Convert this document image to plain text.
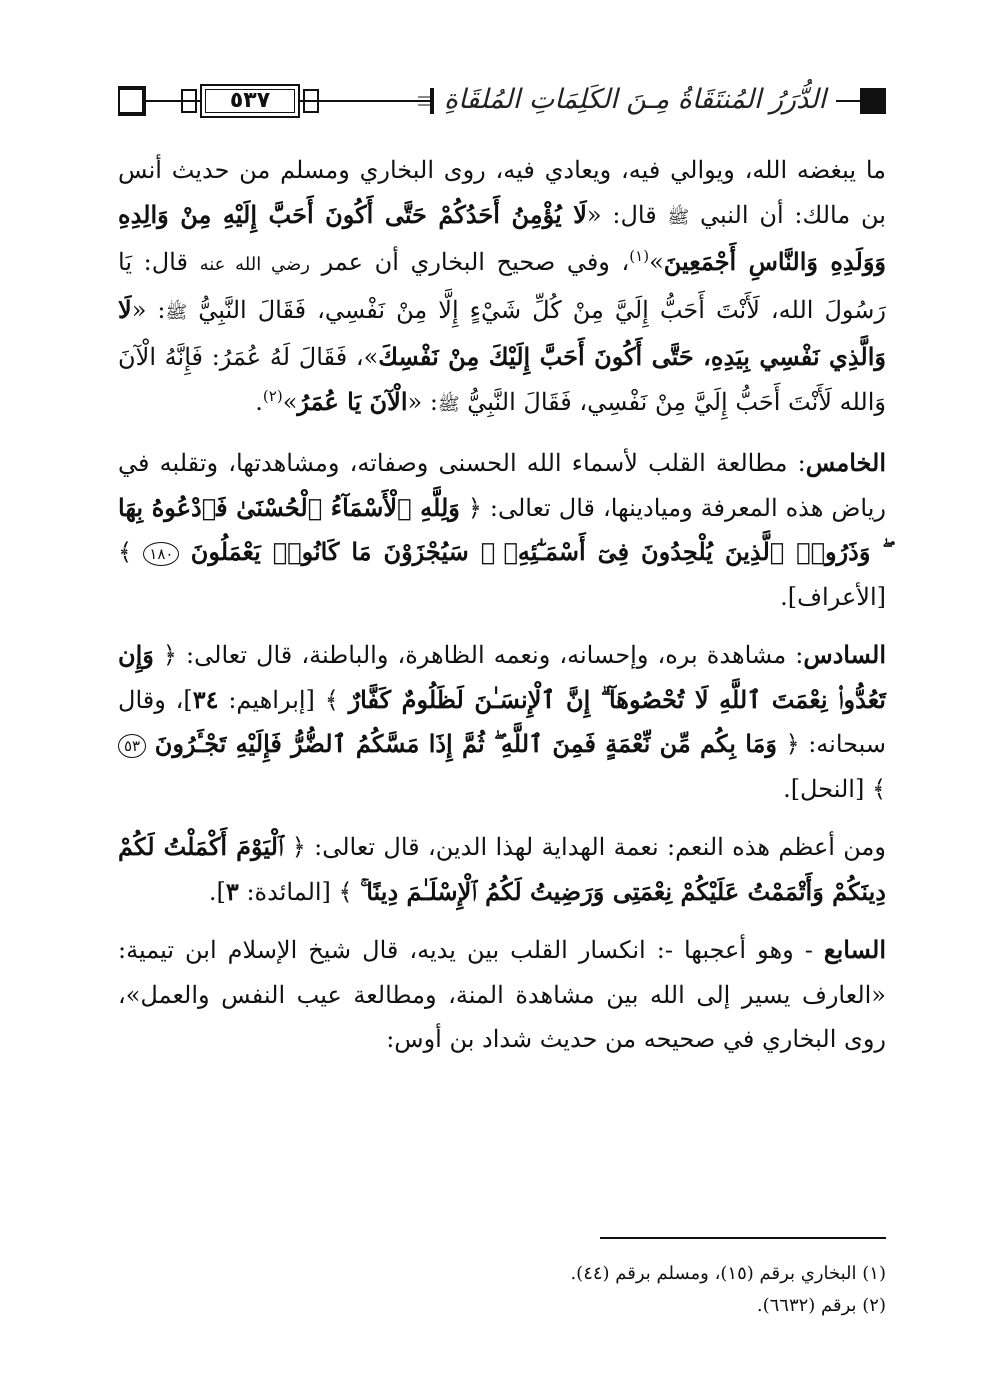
الدُّرَرُ المُنتَقَاةُ مِـنَ الكَلِمَاتِ المُلقَاةِ
٥٣٧

ما يبغضه الله، ويوالي فيه، ويعادي فيه، روى البخاري ومسلم من حديث أنس بن مالك: أن النبي ﷺ قال: «لَا يُؤْمِنُ أَحَدُكُمْ حَتَّى أَكُونَ أَحَبَّ إِلَيْهِ مِنْ وَالِدِهِ وَوَلَدِهِ وَالنَّاسِ أَجْمَعِينَ»$^{(١)}$، وفي صحيح البخاري أن عمر رضي الله عنه قال: يَا رَسُولَ الله، لَأَنْتَ أَحَبُّ إِلَيَّ مِنْ كُلِّ شَيْءٍ إِلَّا مِنْ نَفْسِي، فَقَالَ النَّبِيُّ ﷺ: «لَا وَالَّذِي نَفْسِي بِيَدِهِ، حَتَّى أَكُونَ أَحَبَّ إِلَيْكَ مِنْ نَفْسِكَ»، فَقَالَ لَهُ عُمَرُ: فَإِنَّهُ الْآنَ وَالله لَأَنْتَ أَحَبُّ إِلَيَّ مِنْ نَفْسِي، فَقَالَ النَّبِيُّ ﷺ: «الْآنَ يَا عُمَرُ»$^{(٢)}$.

الخامس: مطالعة القلب لأسماء الله الحسنى وصفاته، ومشاهدتها، وتقلبه في رياض هذه المعرفة وميادينها، قال تعالى: ﴿ وَلِلَّهِ ٱلْأَسْمَآءُ ٱلْحُسْنَىٰ فَٱدْعُوهُ بِهَا ۖ وَذَرُوا۟ ٱلَّذِينَ يُلْحِدُونَ فِىٓ أَسْمَـٰٓئِهِۦ ۚ سَيُجْزَوْنَ مَا كَانُوا۟ يَعْمَلُونَ ١٨٠ ﴾ [الأعراف].

السادس: مشاهدة بره، وإحسانه، ونعمه الظاهرة، والباطنة، قال تعالى: ﴿ وَإِن تَعُدُّوا۟ نِعْمَتَ ٱللَّهِ لَا تُحْصُوهَآ ۗ إِنَّ ٱلْإِنسَـٰنَ لَظَلُومٌ كَفَّارٌ ﴾ [إبراهيم: ٣٤]، وقال سبحانه: ﴿ وَمَا بِكُم مِّن نِّعْمَةٍ فَمِنَ ٱللَّهِ ۖ ثُمَّ إِذَا مَسَّكُمُ ٱلضُّرُّ فَإِلَيْهِ تَجْـَٔرُونَ ٥٣ ﴾ [النحل].

ومن أعظم هذه النعم: نعمة الهداية لهذا الدين، قال تعالى: ﴿ ٱلْيَوْمَ أَكْمَلْتُ لَكُمْ دِينَكُمْ وَأَتْمَمْتُ عَلَيْكُمْ نِعْمَتِى وَرَضِيتُ لَكُمُ ٱلْإِسْلَـٰمَ دِينًا ۚ ﴾ [المائدة: ٣].

السابع - وهو أعجبها -: انكسار القلب بين يديه، قال شيخ الإسلام ابن تيمية: «العارف يسير إلى الله بين مشاهدة المنة، ومطالعة عيب النفس والعمل»، روى البخاري في صحيحه من حديث شداد بن أوس:

(١) البخاري برقم (١٥)، ومسلم برقم (٤٤).
(٢) برقم (٦٦٣٢).
